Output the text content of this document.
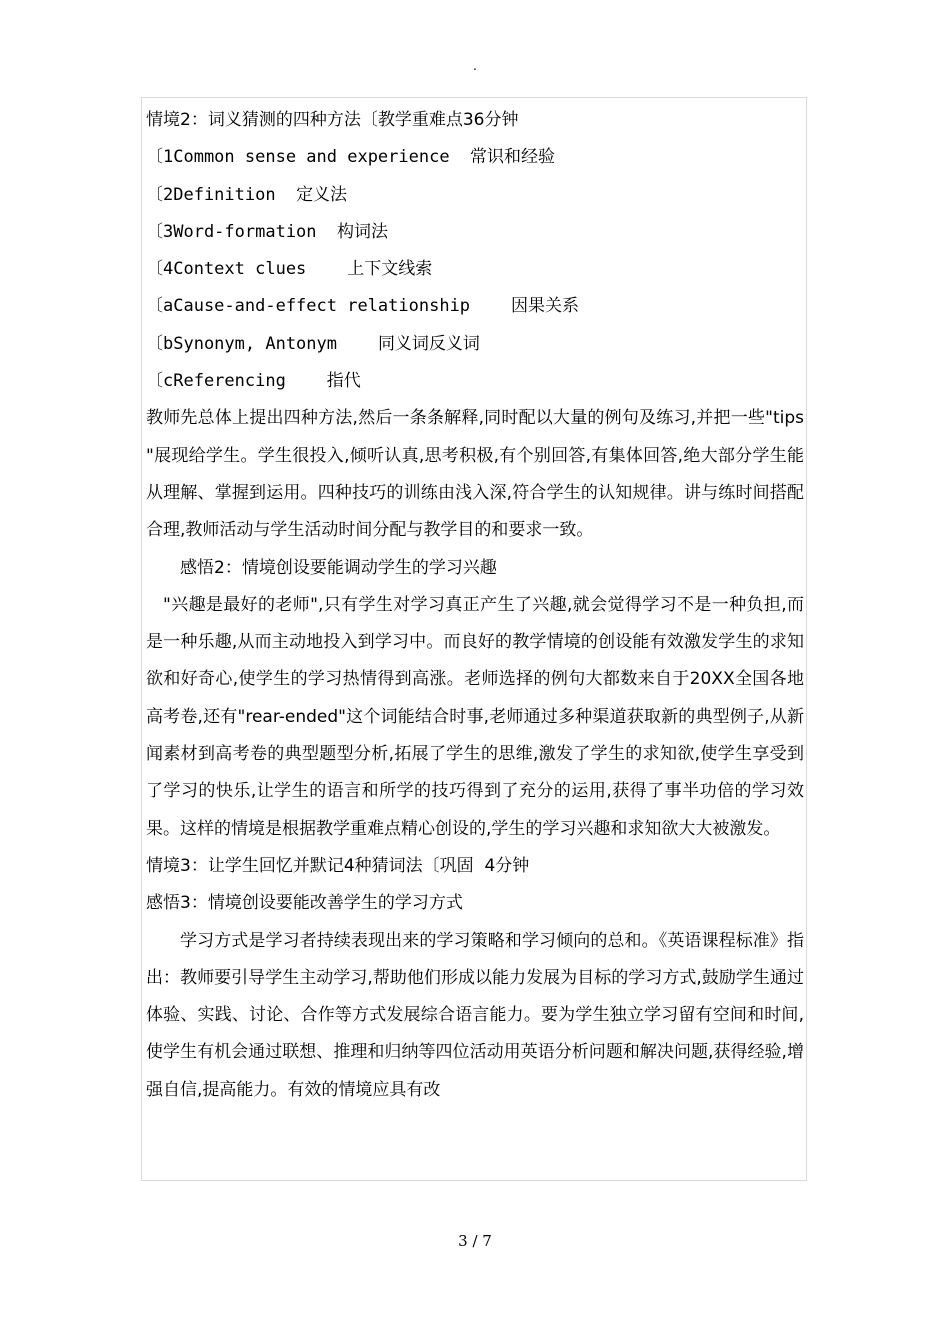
.
情境2：词义猜测的四种方法〔教学重难点36分钟
〔1Common sense and experience  常识和经验
〔2Definition  定义法
〔3Word-formation  构词法
〔4Context clues    上下文线索
〔aCause-and-effect relationship    因果关系
〔bSynonym, Antonym    同义词反义词
〔cReferencing    指代

教师先总体上提出四种方法,然后一条条解释,同时配以大量的例句及练习,并把一些"tips "展现给学生。学生很投入,倾听认真,思考积极,有个别回答,有集体回答,绝大部分学生能从理解、掌握到运用。四种技巧的训练由浅入深,符合学生的认知规律。讲与练时间搭配合理,教师活动与学生活动时间分配与教学目的和要求一致。

感悟2：情境创设要能调动学生的学习兴趣

"兴趣是最好的老师",只有学生对学习真正产生了兴趣,就会觉得学习不是一种负担,而是一种乐趣,从而主动地投入到学习中。而良好的教学情境的创设能有效激发学生的求知欲和好奇心,使学生的学习热情得到高涨。老师选择的例句大都数来自于20XX全国各地高考卷,还有"rear-ended"这个词能结合时事,老师通过多种渠道获取新的典型例子,从新闻素材到高考卷的典型题型分析,拓展了学生的思维,激发了学生的求知欲,使学生享受到了学习的快乐,让学生的语言和所学的技巧得到了充分的运用,获得了事半功倍的学习效果。这样的情境是根据教学重难点精心创设的,学生的学习兴趣和求知欲大大被激发。

情境3：让学生回忆并默记4种猜词法〔巩固  4分钟
感悟3：情境创设要能改善学生的学习方式

学习方式是学习者持续表现出来的学习策略和学习倾向的总和。《英语课程标准》指出：教师要引导学生主动学习,帮助他们形成以能力发展为目标的学习方式,鼓励学生通过体验、实践、讨论、合作等方式发展综合语言能力。要为学生独立学习留有空间和时间,使学生有机会通过联想、推理和归纳等四位活动用英语分析问题和解决问题,获得经验,增强自信,提高能力。有效的情境应具有改

3 / 7
